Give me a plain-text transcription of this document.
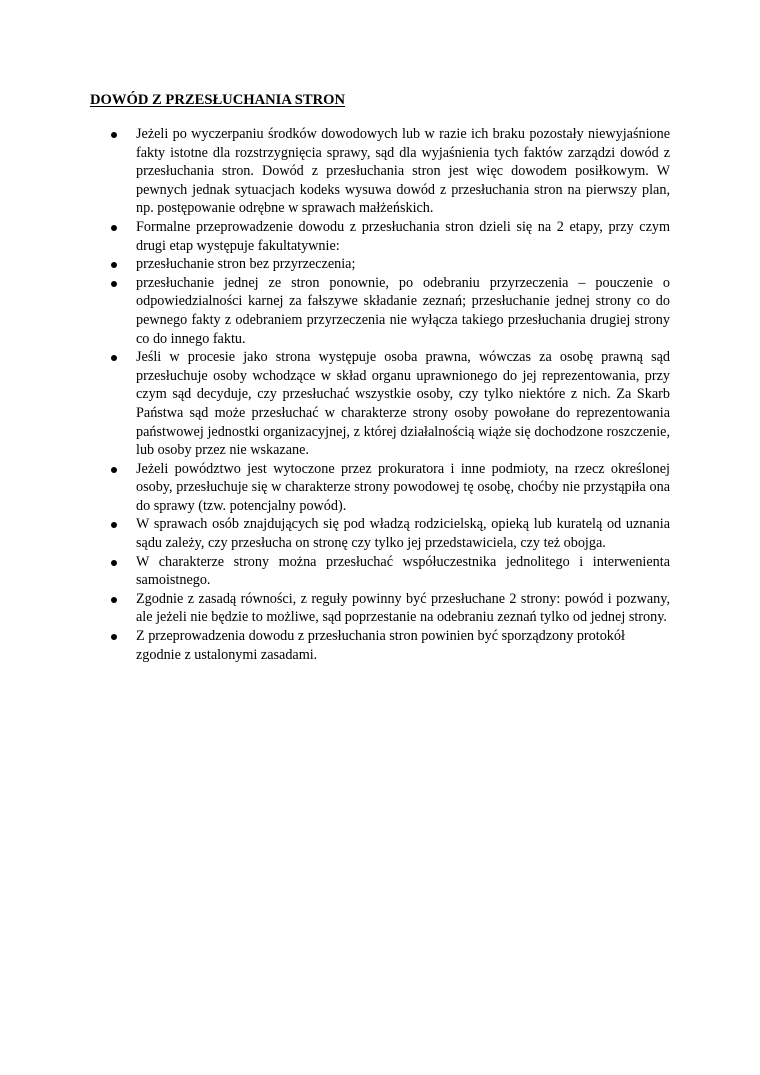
DOWÓD Z PRZESŁUCHANIA STRON
Jeżeli po wyczerpaniu środków dowodowych lub w razie ich braku pozostały niewyjaśnione fakty istotne dla rozstrzygnięcia sprawy, sąd dla wyjaśnienia tych faktów zarządzi dowód z przesłuchania stron. Dowód z przesłuchania stron jest więc dowodem posiłkowym. W pewnych jednak sytuacjach kodeks wysuwa dowód z przesłuchania stron na pierwszy plan, np. postępowanie odrębne w sprawach małżeńskich.
Formalne przeprowadzenie dowodu z przesłuchania stron dzieli się na 2 etapy, przy czym drugi etap występuje fakultatywnie:
przesłuchanie stron bez przyrzeczenia;
przesłuchanie jednej ze stron ponownie, po odebraniu przyrzeczenia – pouczenie o odpowiedzialności karnej za fałszywe składanie zeznań; przesłuchanie jednej strony co do pewnego fakty z odebraniem przyrzeczenia nie wyłącza takiego przesłuchania drugiej strony co do innego faktu.
Jeśli w procesie jako strona występuje osoba prawna, wówczas za osobę prawną sąd przesłuchuje osoby wchodzące w skład organu uprawnionego do jej reprezentowania, przy czym sąd decyduje, czy przesłuchać wszystkie osoby, czy tylko niektóre z nich. Za Skarb Państwa sąd może przesłuchać w charakterze strony osoby powołane do reprezentowania państwowej jednostki organizacyjnej, z której działalnością wiąże się dochodzone roszczenie, lub osoby przez nie wskazane.
Jeżeli powództwo jest wytoczone przez prokuratora i inne podmioty, na rzecz określonej osoby, przesłuchuje się w charakterze strony powodowej tę osobę, choćby nie przystąpiła ona do sprawy (tzw. potencjalny powód).
W sprawach osób znajdujących się pod władzą rodzicielską, opieką lub kuratelą od uznania sądu zależy, czy przesłucha on stronę czy tylko jej przedstawiciela, czy też obojga.
W charakterze strony można przesłuchać współuczestnika jednolitego i interwenienta samoistnego.
Zgodnie z zasadą równości, z reguły powinny być przesłuchane 2 strony: powód i pozwany, ale jeżeli nie będzie to możliwe, sąd poprzestanie na odebraniu zeznań tylko od jednej strony.
Z przeprowadzenia dowodu z przesłuchania stron powinien być sporządzony protokół zgodnie z ustalonymi zasadami.
